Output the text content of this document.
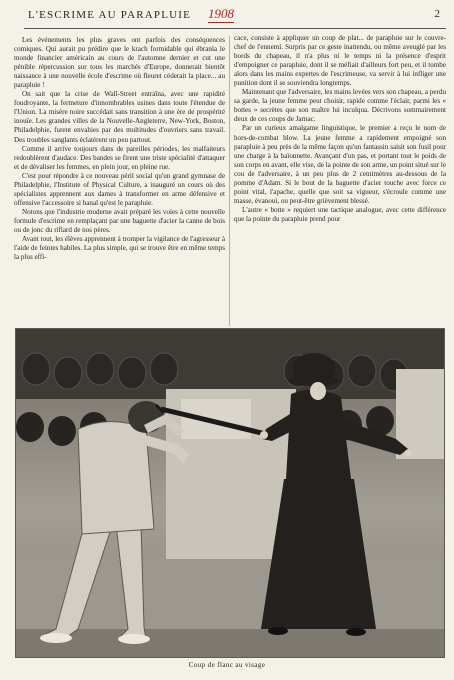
L'ESCRIME AU PARAPLUIE 1908	2

Les événements les plus graves ont parfois des conséquences comiques. Qui aurait pu prédire que le krach formidable qui ébranla le monde financier américain au cours de l'automne dernier et cut une pénible répercussion sur tous les marchés d'Europe, donnerait bientôt naissance à une nouvelle école d'escrime où fleuret céderait la place... au parapluie !

On sait que la crise de Wall-Street entraîna, avec une rapidité foudroyante, la fermeture d'innombrables usines dans toute l'étendue de l'Union. La misère noire succédait sans transition à une ère de prospérité inouïe. Les grandes villes de la Nouvelle-Angleterre, New-York, Boston, Philadelphie, furent envahies par des multitudes d'ouvriers sans travail. Des troubles sanglants éclatèrent un peu partout.

Comme il arrive toujours dans de pareilles périodes, les malfaiteurs redoublèrent d'audace. Des bandes se firent une triste spécialité d'attaquer et de dévaliser les femmes, en plein jour, en pleine rue.

C'est pour répondre à ce nouveau péril social qu'un grand gymnase de Philadelphie, l'Institute of Physical Culture, a inauguré un cours où des spécialistes apprennent aux dames à transformer en arme défensive et offensive l'accessoire si banal qu'est le parapluie.

Notons que l'industrie moderne avait préparé les voies à cette nouvelle formule d'escrime en remplaçant par une baguette d'acier la canne de bois ou de jonc du riflard de nos pères.

Avant tout, les élèves apprennent à tromper la vigilance de l'agresseur à l'aide de feintes habiles. La plus simple, qui se trouve être en même temps la plus effi-

cace, consiste à appliquer un coup de plat... de parapluie sur le couvre-chef de l'ennemi. Surpris par ce geste inattendu, ou même aveuglé par les bords du chapeau, il n'a plus ni le temps ni la présence d'esprit d'empoigner ce parapluie, dont il se méfiait d'ailleurs fort peu, et il tombe alors dans les mains expertes de l'escrimeuse, va servir à lui infliger une punition dont il se souviendra longtemps.

Maintenant que l'adversaire, les mains levées vers son chapeau, a perdu sa garde, la jeune femme peut choisir, rapide comme l'éclair, parmi les « bottes » secrètes que son maître lui inculqua. Décrivons sommairement deux de ces coups de Jarnac.

Par un curieux amalgame linguistique, le premier a reçu le nom de hors-de-combat blow. La jeune femme a rapidement empoigné son parapluie à peu près de la même façon qu'un fantassin saisit son fusil pour une charge à la baïonnette. Avançant d'un pas, et portant tout le poids de son corps en avant, elle vise, de la pointe de son arme, un point situé sur le cou de l'adversaire, à un peu plus de 2 centimètres au-dessous de la pomme d'Adam. Si le bout de la baguette d'acier touche avec force ce point vital, l'apache, quelle que soit sa vigueur, s'écroule comme une masse, évanoui, ou peut-être grièvement blessé.

L'autre « botte » requiert une tactique analogue, avec cette différence que la pointe du parapluie prend pour

Coup de flanc au visage
